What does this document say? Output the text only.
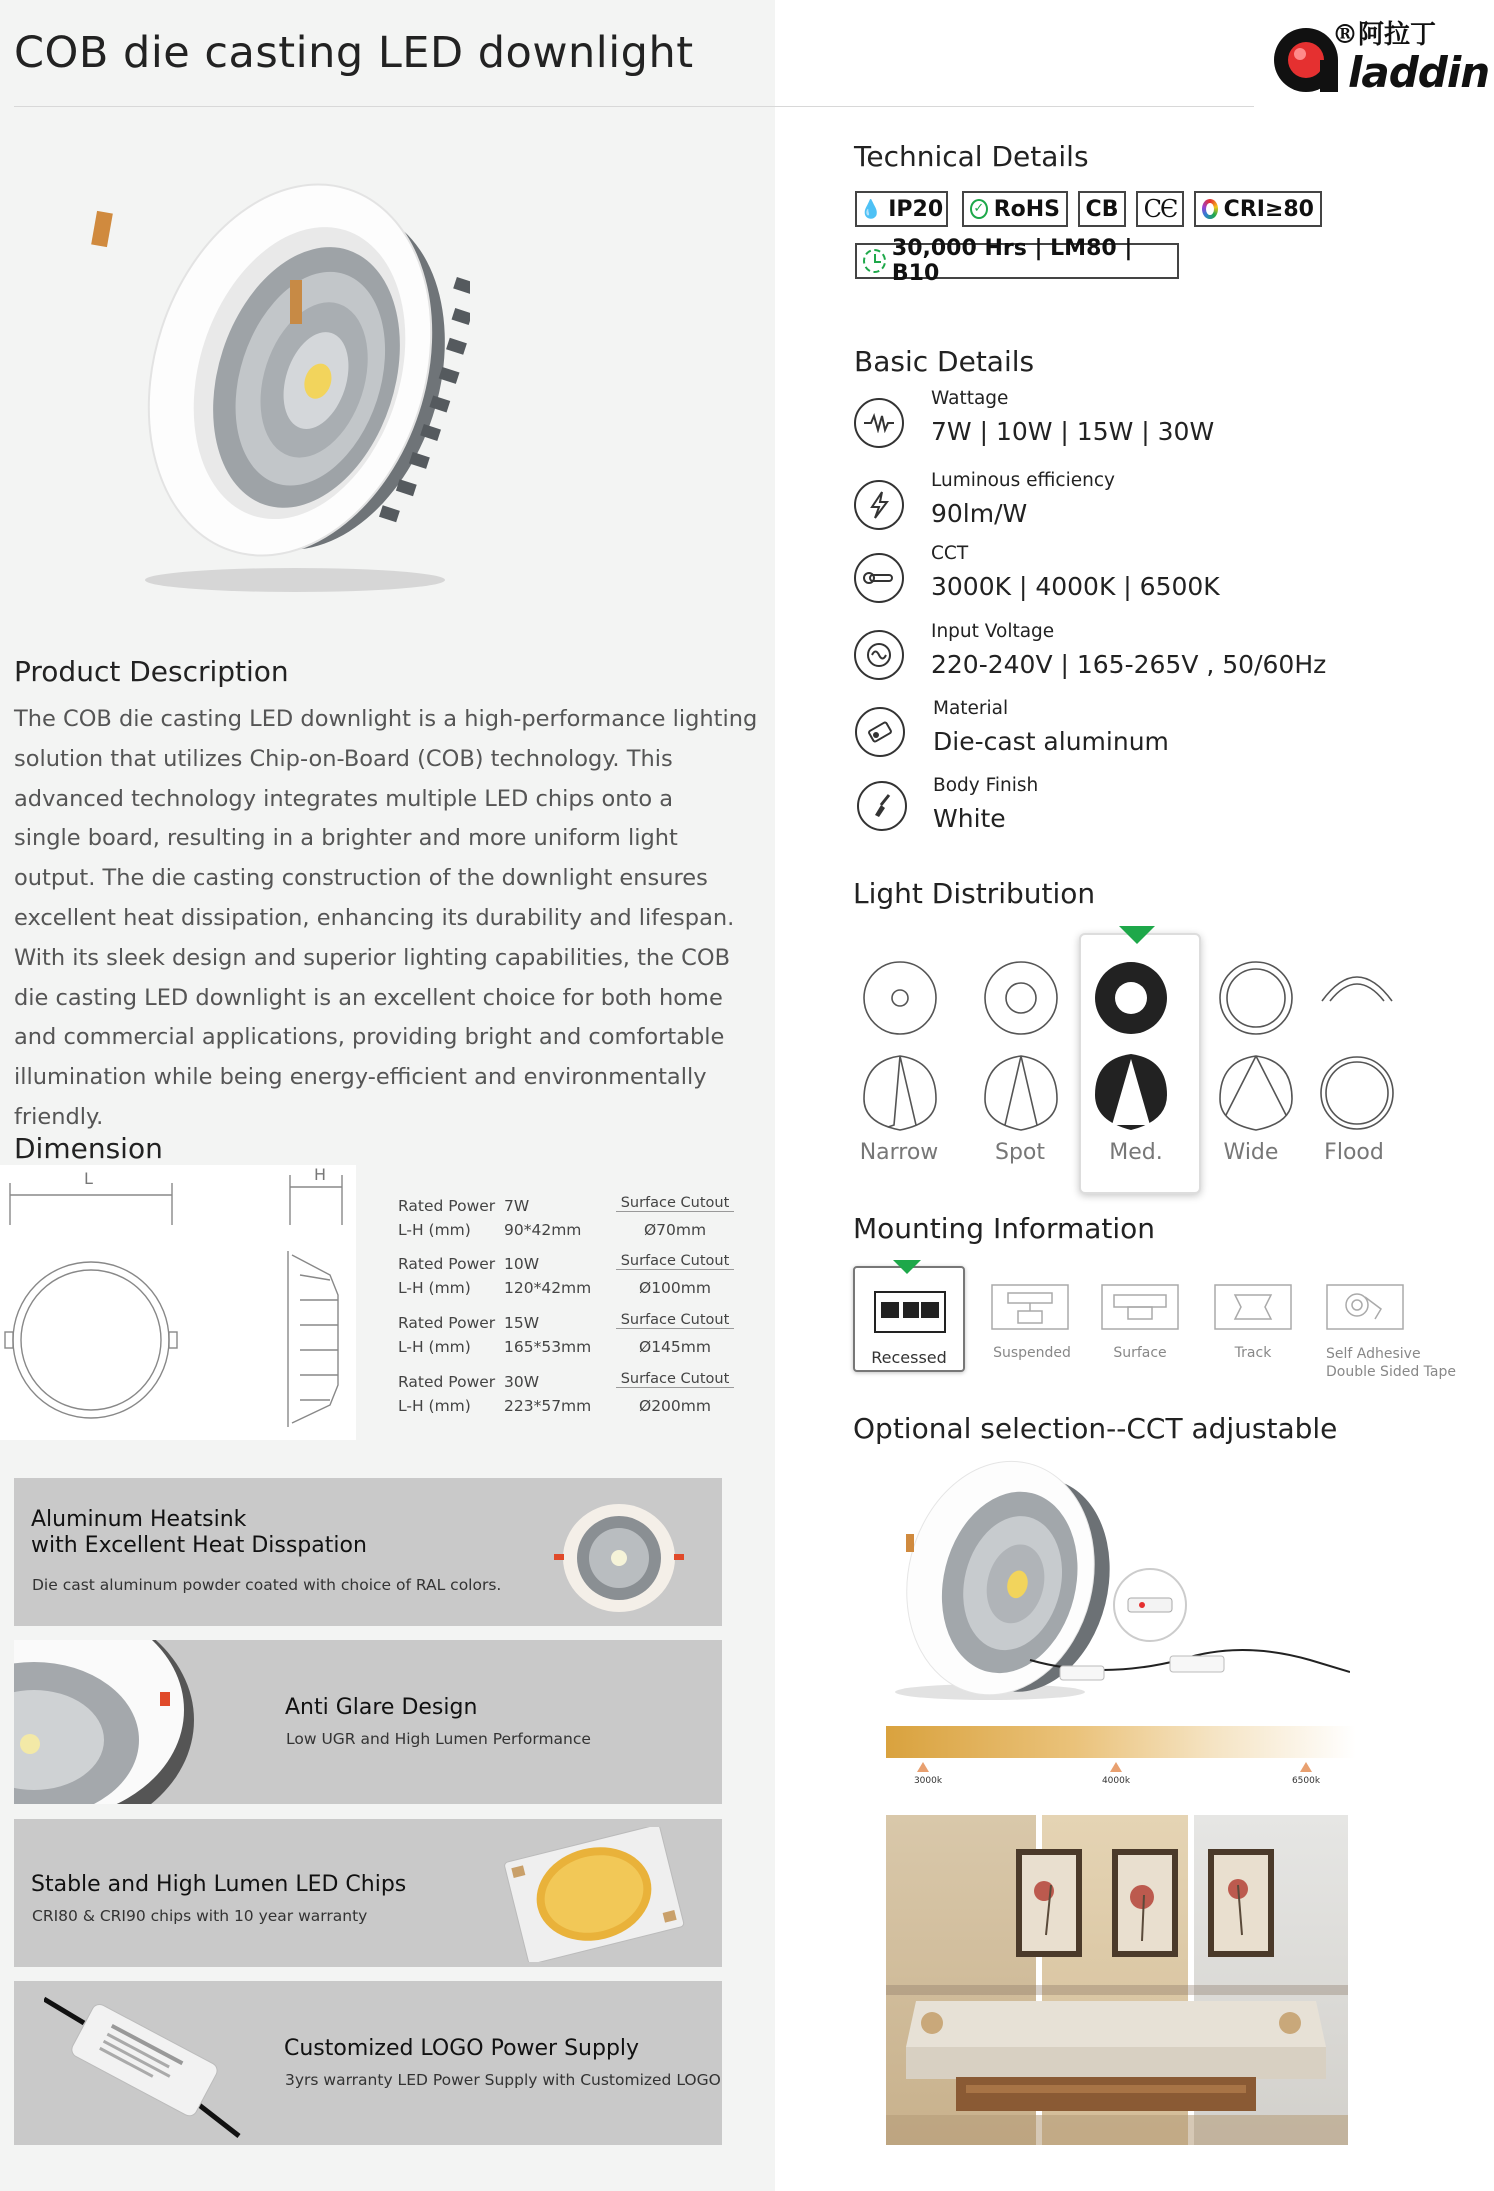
COB die casting LED downlight	®阿拉丁
laddin
Product Description
The COB die casting LED downlight is a high-performance lighting
solution that utilizes Chip-on-Board (COB) technology. This
advanced technology integrates multiple LED chips onto a
single board, resulting in a brighter and more uniform light
output. The die casting construction of the downlight ensures
excellent heat dissipation, enhancing its durability and lifespan.
With its sleek design and superior lighting capabilities, the COB
die casting LED downlight is an excellent choice for both home
and commercial applications, providing bright and comfortable
illumination while being energy-efficient and environmentally friendly.
Dimension
L	H
Rated Power 7W
L-H (mm) 90*42mm
Surface Cutout
Ø70mm
Rated Power 10W
L-H (mm) 120*42mm
Surface Cutout
Ø100mm
Rated Power 15W
L-H (mm) 165*53mm
Surface Cutout
Ø145mm
Rated Power 30W
L-H (mm) 223*57mm
Surface Cutout
Ø200mm
Aluminum Heatsink
with Excellent Heat Disspation
Die cast aluminum powder coated with choice of RAL colors.
Anti Glare Design
Low UGR and High Lumen Performance
Stable and High Lumen LED Chips
CRI80 & CRI90 chips with 10 year warranty
Customized LOGO Power Supply
3yrs warranty LED Power Supply with Customized LOGO
Technical Details
💧 IP20 ✓ RoHS CB CЄ CRI≥80
30,000 Hrs | LM80 | B10
Basic Details
Wattage
7W | 10W | 15W | 30W
Luminous efficiency
90lm/W
CCT
3000K | 4000K | 6500K
Input Voltage
220-240V | 165-265V , 50/60Hz
Material
Die-cast aluminum
Body Finish
White
Light Distribution
Narrow	Spot	Med.	Wide	Flood
Mounting Information
Recessed	Suspended	Surface	Track	Self Adhesive Double Sided Tape
Optional selection--CCT adjustable
3000k	4000k	6500k
